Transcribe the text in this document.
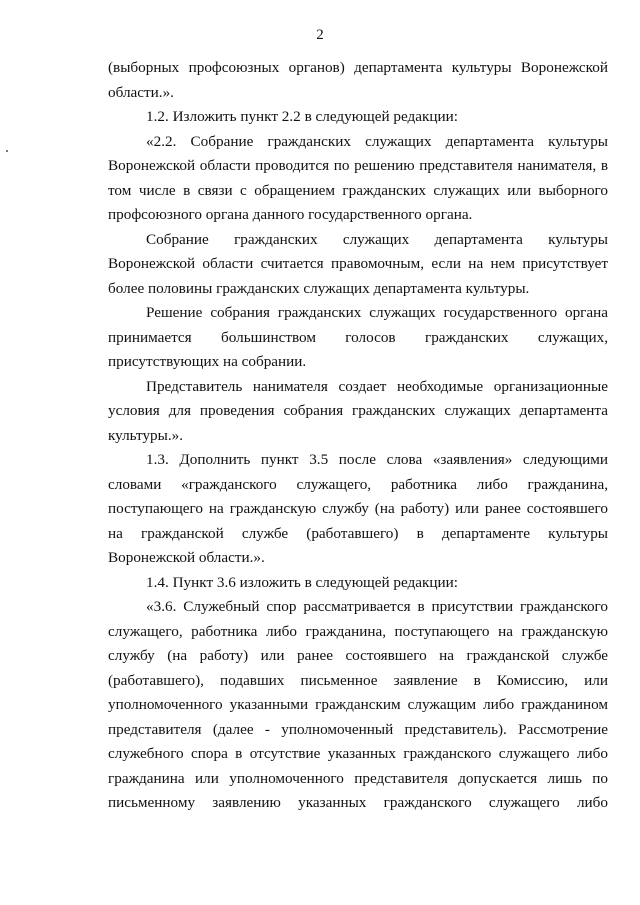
2

(выборных профсоюзных органов) департамента культуры Воронежской области.».

1.2. Изложить пункт 2.2 в следующей редакции:

«2.2. Собрание гражданских служащих департамента культуры Воронежской области проводится по решению представителя нанимателя, в том числе в связи с обращением гражданских служащих или выборного профсоюзного органа данного государственного органа.

Собрание гражданских служащих департамента культуры Воронежской области считается правомочным, если на нем присутствует более половины гражданских служащих департамента культуры.

Решение собрания гражданских служащих государственного органа принимается большинством голосов гражданских служащих, присутствующих на собрании.

Представитель нанимателя создает необходимые организационные условия для проведения собрания гражданских служащих департамента культуры.».

1.3. Дополнить пункт 3.5 после слова «заявления» следующими словами «гражданского служащего, работника либо гражданина, поступающего на гражданскую службу (на работу) или ранее состоявшего на гражданской службе (работавшего) в департаменте культуры Воронежской области.».

1.4. Пункт 3.6 изложить в следующей редакции:

«3.6. Служебный спор рассматривается в присутствии гражданского служащего, работника либо гражданина, поступающего на гражданскую службу (на работу) или ранее состоявшего на гражданской службе (работавшего), подавших письменное заявление в Комиссию, или уполномоченного указанными гражданским служащим либо гражданином представителя (далее - уполномоченный представитель). Рассмотрение служебного спора в отсутствие указанных гражданского служащего либо гражданина или уполномоченного представителя допускается лишь по письменному заявлению указанных гражданского служащего либо
